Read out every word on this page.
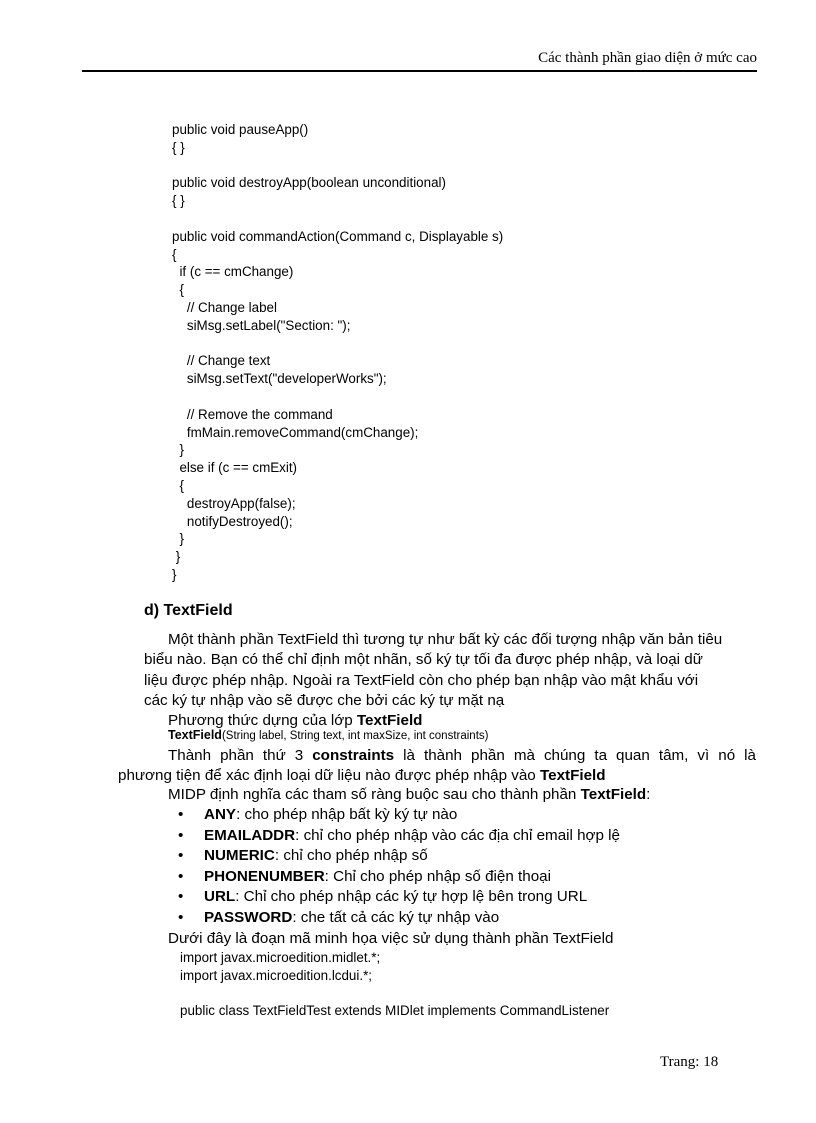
Các thành phần giao diện ở mức cao
public void pauseApp()
{ }
public void destroyApp(boolean unconditional)
{ }
public void commandAction(Command c, Displayable s)
{
if (c == cmChange)
{
// Change label
siMsg.setLabel("Section: ");
// Change text
siMsg.setText("developerWorks");
// Remove the command
fmMain.removeCommand(cmChange);
}
else if (c == cmExit)
{
destroyApp(false);
notifyDestroyed();
}
}
}
d) TextField
Một thành phần TextField thì tương tự như bất kỳ các đối tượng nhập văn bản tiêu
biểu nào. Bạn có thể chỉ định một nhãn, số ký tự tối đa được phép nhập, và loại dữ
liệu được phép nhập. Ngoài ra TextField còn cho phép bạn nhập vào mật khẩu với
các ký tự nhập vào sẽ được che bởi các ký tự mặt nạ
Phương thức dựng của lớp TextField
TextField(String label, String text, int maxSize, int constraints)
Thành phần thứ 3 constraints là thành phần mà chúng ta quan tâm, vì nó là
phương tiện để xác định loại dữ liệu nào được phép nhập vào TextField
MIDP định nghĩa các tham số ràng buộc sau cho thành phần TextField:
• ANY: cho phép nhập bất kỳ ký tự nào
• EMAILADDR: chỉ cho phép nhập vào các địa chỉ email hợp lệ
• NUMERIC: chỉ cho phép nhập số
• PHONENUMBER: Chỉ cho phép nhập số điện thoại
• URL: Chỉ cho phép nhập các ký tự hợp lệ bên trong URL
• PASSWORD: che tất cả các ký tự nhập vào
Dưới đây là đoạn mã minh họa việc sử dụng thành phần TextField
import javax.microedition.midlet.*;
import javax.microedition.lcdui.*;
public class TextFieldTest extends MIDlet implements CommandListener
Trang: 18
